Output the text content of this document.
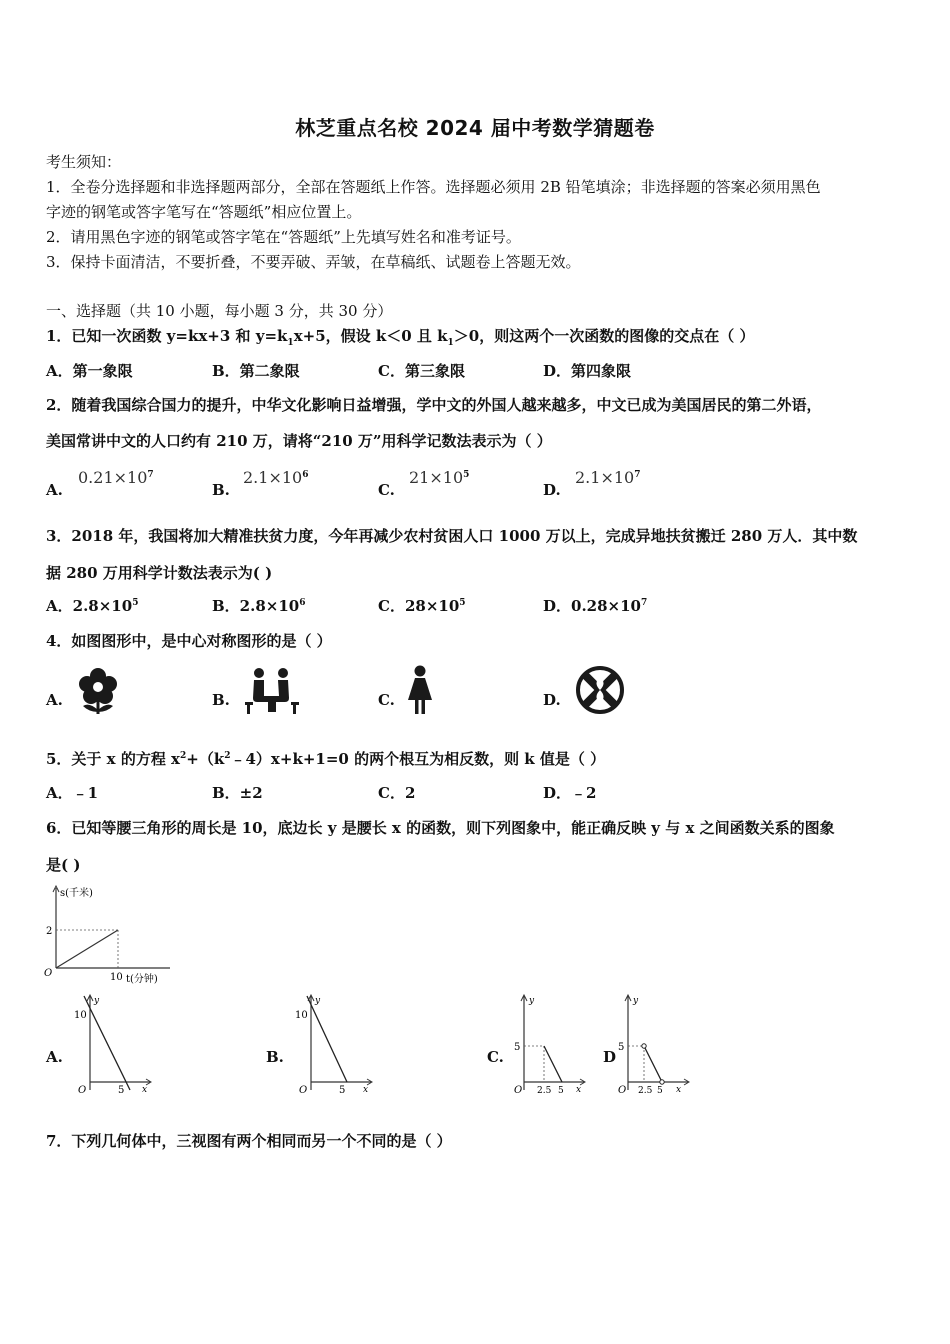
林芝重点名校 2024 届中考数学猜题卷
考生须知：
1．全卷分选择题和非选择题两部分，全部在答题纸上作答。选择题必须用 2B 铅笔填涂；非选择题的答案必须用黑色
字迹的钢笔或答字笔写在“答题纸”相应位置上。
2．请用黑色字迹的钢笔或答字笔在“答题纸”上先填写姓名和准考证号。
3．保持卡面清洁，不要折叠，不要弄破、弄皱，在草稿纸、试题卷上答题无效。
一、选择题（共 10 小题，每小题 3 分，共 30 分）
1．已知一次函数 y=kx+3 和 $y=k_1x+5$，假设 k＜0 且 $k_1>0$，则这两个一次函数的图像的交点在（ ）
A．第一象限	B．第二象限	C．第三象限	D．第四象限
2．随着我国综合国力的提升，中华文化影响日益增强，学中文的外国人越来越多，中文已成为美国居民的第二外语，
美国常讲中文的人口约有 210 万，请将“210 万”用科学记数法表示为（ ）
A.
$0.21\times 10^7$
B.
$2.1\times 10^6$
C.
$21\times 10^5$
D.
$2.1\times 10^7$
3．2018 年，我国将加大精准扶贫力度，今年再减少农村贫困人口 1000 万以上，完成异地扶贫搬迁 280 万人．其中数
据 280 万用科学计数法表示为( )
A．$2.8\times 10^5$	B．$2.8\times 10^6$	C．$28\times 10^5$	D．$0.28\times 10^7$
4．如图图形中，是中心对称图形的是（ ）
A.	B.	C.	D.
5．关于 x 的方程 $x^2+(k^2﹣4)x+k+1=0$ 的两个根互为相反数，则 k 值是（ ）
A．﹣1	B．±2	C．2	D．﹣2
6．已知等腰三角形的周长是 10，底边长 y 是腰长 x 的函数，则下列图象中，能正确反映 y 与 x 之间函数关系的图象
是( )
s(千米)
2
O	10 t(分钟)
A.	B.	C.	D
y
10
O	5 x
y
10
O	5 x
y
5
O 2.5 5 x
y
5
O 2.5 5 x
7．下列几何体中，三视图有两个相同而另一个不同的是（ ）
